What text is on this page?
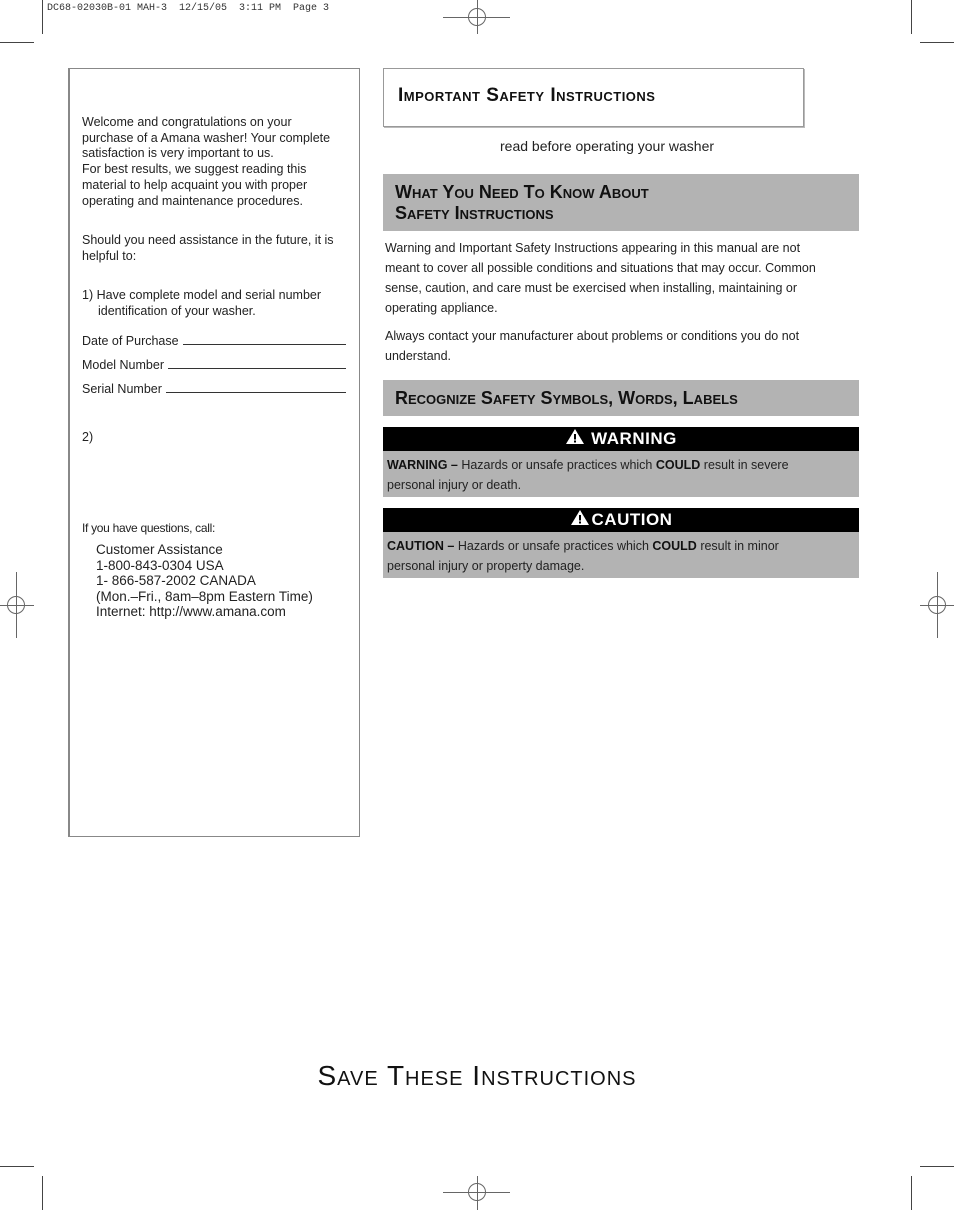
DC68-02030B-01 MAH-3  12/15/05  3:11 PM  Page 3
Welcome and congratulations on your
purchase of a Amana washer! Your complete
satisfaction is very important to us.
For best results, we suggest reading this
material to help acquaint you with proper
operating and maintenance procedures.
Should you need assistance in the future, it is
helpful to:
1) Have complete model and serial number
identification of your washer.
Date of Purchase
Model Number
Serial Number
2)
If you have questions, call:
Customer Assistance
1-800-843-0304 USA
1- 866-587-2002 CANADA
(Mon.–Fri., 8am–8pm Eastern Time)
Internet: http://www.amana.com
Important Safety Instructions
read before operating your washer
What You Need To Know About
Safety Instructions
Warning and Important Safety Instructions appearing in this manual are not
meant to cover all possible conditions and situations that may occur. Common
sense, caution, and care must be exercised when installing, maintaining or
operating appliance.
Always contact your manufacturer about problems or conditions you do not
understand.
Recognize Safety Symbols, Words, Labels
WARNING
WARNING – Hazards or unsafe practices which COULD result in severe
personal injury or death.
CAUTION
CAUTION – Hazards or unsafe practices which COULD result in minor
personal injury or property damage.
Save These Instructions
